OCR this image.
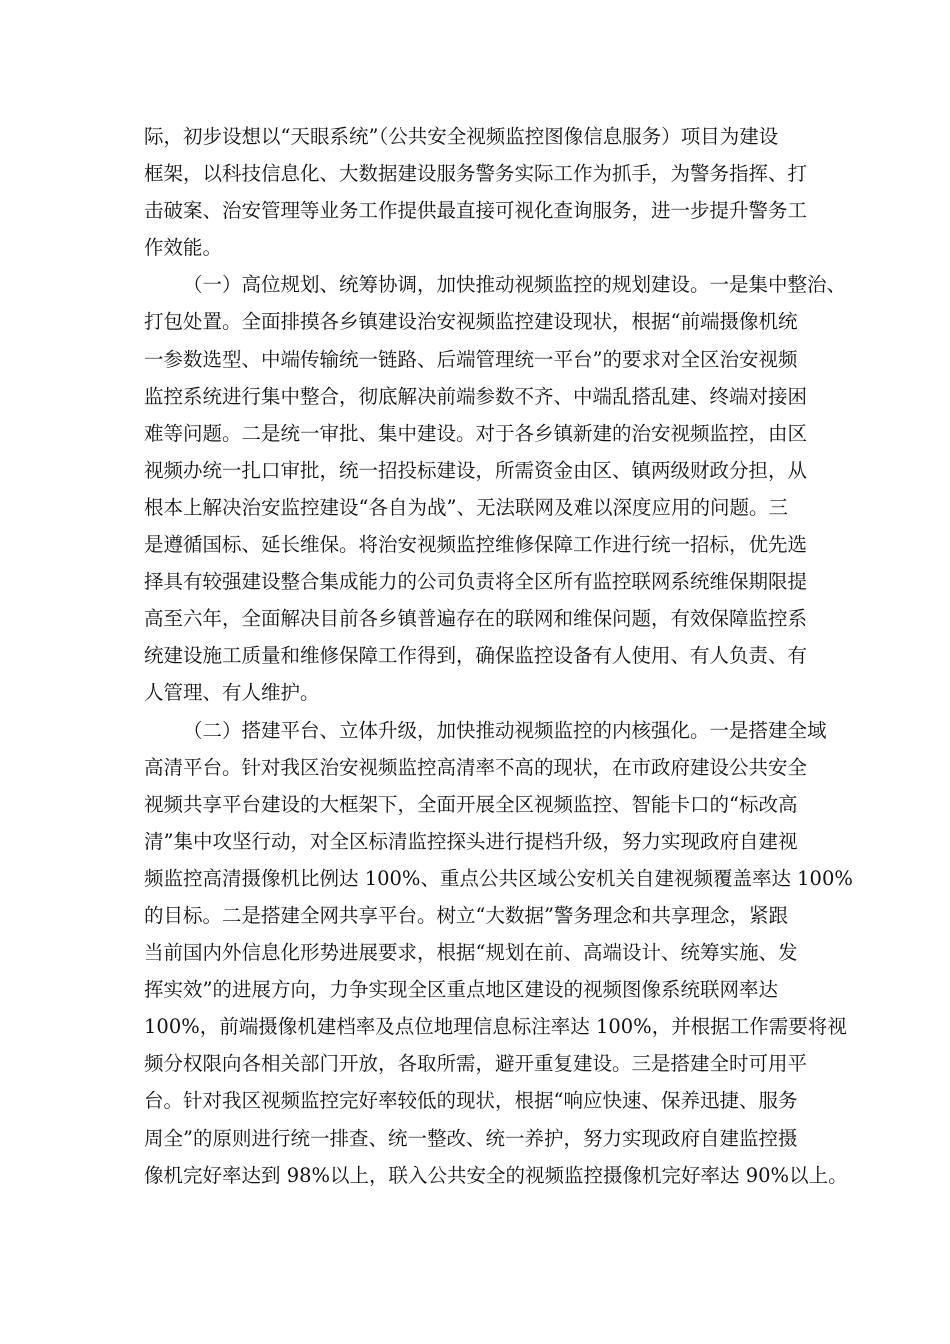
际，初步设想以“天眼系统”（公共安全视频监控图像信息服务）项目为建设
框架，以科技信息化、大数据建设服务警务实际工作为抓手，为警务指挥、打
击破案、治安管理等业务工作提供最直接可视化查询服务，进一步提升警务工
作效能。
（一）高位规划、统筹协调，加快推动视频监控的规划建设。一是集中整治、
打包处置。全面排摸各乡镇建设治安视频监控建设现状，根据“前端摄像机统
一参数选型、中端传输统一链路、后端管理统一平台”的要求对全区治安视频
监控系统进行集中整合，彻底解决前端参数不齐、中端乱搭乱建、终端对接困
难等问题。二是统一审批、集中建设。对于各乡镇新建的治安视频监控，由区
视频办统一扎口审批，统一招投标建设，所需资金由区、镇两级财政分担，从
根本上解决治安监控建设“各自为战”、无法联网及难以深度应用的问题。三
是遵循国标、延长维保。将治安视频监控维修保障工作进行统一招标，优先选
择具有较强建设整合集成能力的公司负责将全区所有监控联网系统维保期限提
高至六年，全面解决目前各乡镇普遍存在的联网和维保问题，有效保障监控系
统建设施工质量和维修保障工作得到，确保监控设备有人使用、有人负责、有
人管理、有人维护。
（二）搭建平台、立体升级，加快推动视频监控的内核强化。一是搭建全域
高清平台。针对我区治安视频监控高清率不高的现状，在市政府建设公共安全
视频共享平台建设的大框架下，全面开展全区视频监控、智能卡口的“标改高
清”集中攻坚行动，对全区标清监控探头进行提档升级，努力实现政府自建视
频监控高清摄像机比例达 100%、重点公共区域公安机关自建视频覆盖率达 100%
的目标。二是搭建全网共享平台。树立“大数据”警务理念和共享理念，紧跟
当前国内外信息化形势进展要求，根据“规划在前、高端设计、统筹实施、发
挥实效”的进展方向，力争实现全区重点地区建设的视频图像系统联网率达
100%，前端摄像机建档率及点位地理信息标注率达 100%，并根据工作需要将视
频分权限向各相关部门开放，各取所需，避开重复建设。三是搭建全时可用平
台。针对我区视频监控完好率较低的现状，根据“响应快速、保养迅捷、服务
周全”的原则进行统一排查、统一整改、统一养护，努力实现政府自建监控摄
像机完好率达到 98%以上，联入公共安全的视频监控摄像机完好率达 90%以上。
